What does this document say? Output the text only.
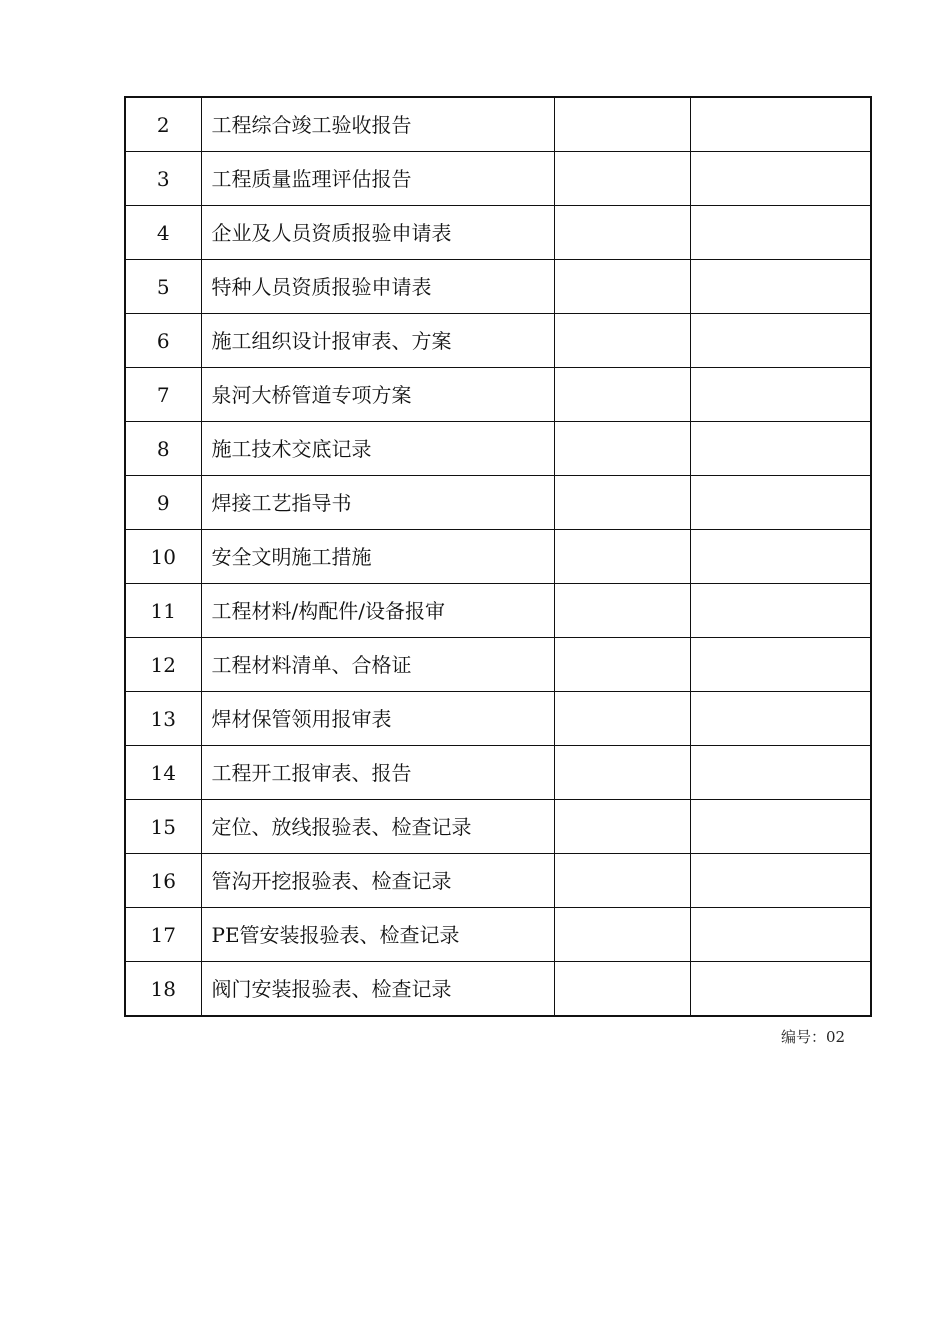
2	工程综合竣工验收报告		
3	工程质量监理评估报告		
4	企业及人员资质报验申请表		
5	特种人员资质报验申请表		
6	施工组织设计报审表、方案		
7	泉河大桥管道专项方案		
8	施工技术交底记录		
9	焊接工艺指导书		
10	安全文明施工措施		
11	工程材料/构配件/设备报审		
12	工程材料清单、合格证		
13	焊材保管领用报审表		
14	工程开工报审表、报告		
15	定位、放线报验表、检查记录		
16	管沟开挖报验表、检查记录		
17	PE管安装报验表、检查记录		
18	阀门安装报验表、检查记录		
编号：02
